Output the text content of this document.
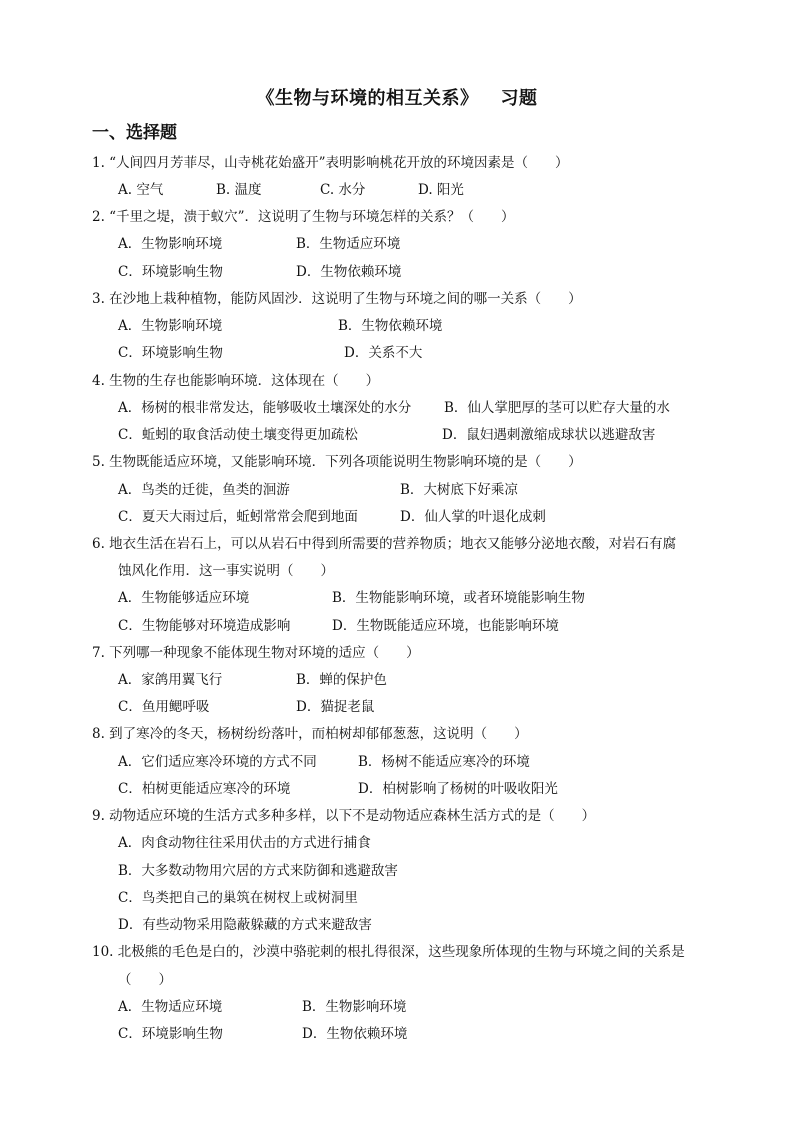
《生物与环境的相互关系》 习题
一、选择题
1. “人间四月芳菲尽，山寺桃花始盛开”表明影响桃花开放的环境因素是（　　）
A. 空气	B. 温度	C. 水分	D. 阳光
2. “千里之堤，溃于蚁穴”．这说明了生物与环境怎样的关系？（　　）
A．生物影响环境	B．生物适应环境
C．环境影响生物	D．生物依赖环境
3. 在沙地上栽种植物，能防风固沙．这说明了生物与环境之间的哪一关系（　　）
A．生物影响环境	B．生物依赖环境
C．环境影响生物	D．关系不大
4. 生物的生存也能影响环境．这体现在（　　）
A．杨树的根非常发达，能够吸收土壤深处的水分 B．仙人掌肥厚的茎可以贮存大量的水
C．蚯蚓的取食活动使土壤变得更加疏松	D．鼠妇遇刺激缩成球状以逃避敌害
5. 生物既能适应环境，又能影响环境．下列各项能说明生物影响环境的是（　　）
A．鸟类的迁徙，鱼类的洄游	B．大树底下好乘凉
C．夏天大雨过后，蚯蚓常常会爬到地面	D．仙人掌的叶退化成刺
6. 地衣生活在岩石上，可以从岩石中得到所需要的营养物质；地衣又能够分泌地衣酸，对岩石有腐
蚀风化作用．这一事实说明（　　）
A．生物能够适应环境	B．生物能影响环境，或者环境能影响生物
C．生物能够对环境造成影响	D．生物既能适应环境，也能影响环境
7. 下列哪一种现象不能体现生物对环境的适应（　　）
A．家鸽用翼飞行	B．蝉的保护色
C．鱼用鳃呼吸	D．猫捉老鼠
8. 到了寒冷的冬天，杨树纷纷落叶，而柏树却郁郁葱葱，这说明（　　）
A．它们适应寒冷环境的方式不同	B．杨树不能适应寒冷的环境
C．柏树更能适应寒冷的环境	D．柏树影响了杨树的叶吸收阳光
9. 动物适应环境的生活方式多种多样，以下不是动物适应森林生活方式的是（　　）
A．肉食动物往往采用伏击的方式进行捕食
B．大多数动物用穴居的方式来防御和逃避敌害
C．鸟类把自己的巢筑在树杈上或树洞里
D．有些动物采用隐蔽躲藏的方式来避敌害
10. 北极熊的毛色是白的，沙漠中骆驼刺的根扎得很深，这些现象所体现的生物与环境之间的关系是
（　　）
A．生物适应环境	B．生物影响环境
C．环境影响生物	D．生物依赖环境
